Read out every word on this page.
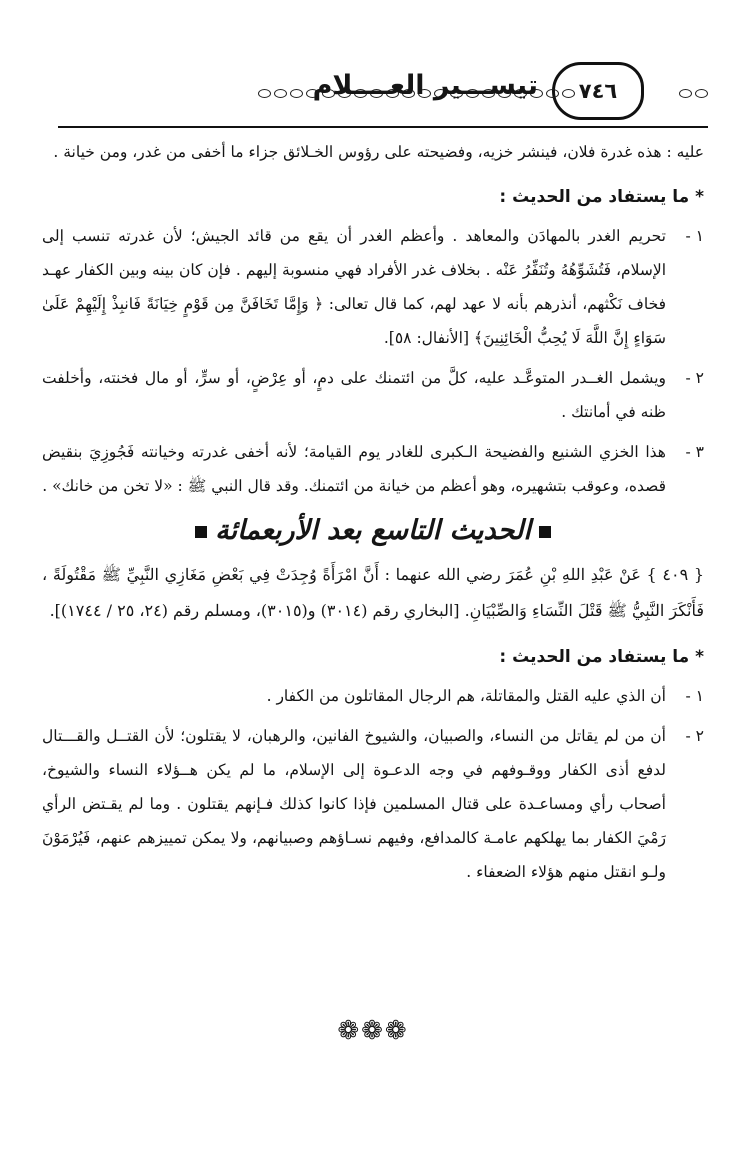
٧٤٦
تيســـير العــــلام

عليه : هذه غدرة فلان، فينشر خزيه، وفضيحته على رؤوس الخـلائق جزاء ما أخفى من غدر، ومن خيانة .

* ما يستفاد من الحديث :
١ -
تحريم الغدر بالمهادَن والمعاهد . وأعظم الغدر أن يقع من قائد الجيش؛ لأن غدرته تنسب إلى الإسلام، فَتُشَوِّهُهُ وتُنَفِّرُ عَنْه . بخلاف غدر الأفراد فهي منسوبة إليهم . فإن كان بينه وبين الكفار عهـد فخاف نَكْثهم، أنذرهم بأنه لا عهد لهم، كما قال تعالى: ﴿ وَإِمَّا تَخَافَنَّ مِن قَوْمٍ خِيَانَةً فَانبِذْ إِلَيْهِمْ عَلَىٰ سَوَاءٍ إِنَّ اللَّهَ لَا يُحِبُّ الْخَائِنِينَ﴾ [الأنفال: ٥٨].
٢ -
ويشمل الغــدر المتوعَّـد عليه، كلَّ من ائتمنك على دمٍ، أو عِرْضٍ، أو سرٍّ، أو مال فخنته، وأخلفت ظنه في أمانتك .
٣ -
هذا الخزي الشنيع والفضيحة الـكبرى للغادر يوم القيامة؛ لأنه أخفى غدرته وخيانته فَجُوزِيَ بنقيض قصده، وعوقب بتشهيره، وهو أعظم من خيانة من ائتمنك. وقد قال النبي ﷺ : «لا تخن من خانك» .
الحديث التاسع بعد الأربعمائة

{ ٤٠٩ } عَنْ عَبْدِ اللهِ بْنِ عُمَرَ رضي الله عنهما : أَنَّ امْرَأَةً وُجِدَتْ فِي بَعْضِ مَغَازِي النَّبِيِّ ﷺ مَقْتُولَةً ، فَأَنْكَرَ النَّبِيُّ ﷺ قَتْلَ النِّسَاءِ وَالصِّبْيَانِ. [البخاري رقم (٣٠١٤) و(٣٠١٥)، ومسلم رقم (٢٤، ٢٥ / ١٧٤٤)].

* ما يستفاد من الحديث :
١ -
أن الذي عليه القتل والمقاتلة، هم الرجال المقاتلون من الكفار .
٢ -
أن من لم يقاتل من النساء، والصبيان، والشيوخ الفانين، والرهبان، لا يقتلون؛ لأن القتــل والقـــتال لدفع أذى الكفار ووقـوفهم في وجه الدعـوة إلى الإسلام، ما لم يكن هــؤلاء النساء والشيوخ، أصحاب رأي ومساعـدة على قتال المسلمين فإذا كانوا كذلك فـإنهم يقتلون . وما لم يقـتض الرأي رَمْيَ الكفار بما يهلكهم عامـة كالمدافع، وفيهم نسـاؤهم وصبيانهم، ولا يمكن تمييزهم عنهم، فَيُرْمَوْنَ ولـو انقتل منهم هؤلاء الضعفاء .
❁❁❁
